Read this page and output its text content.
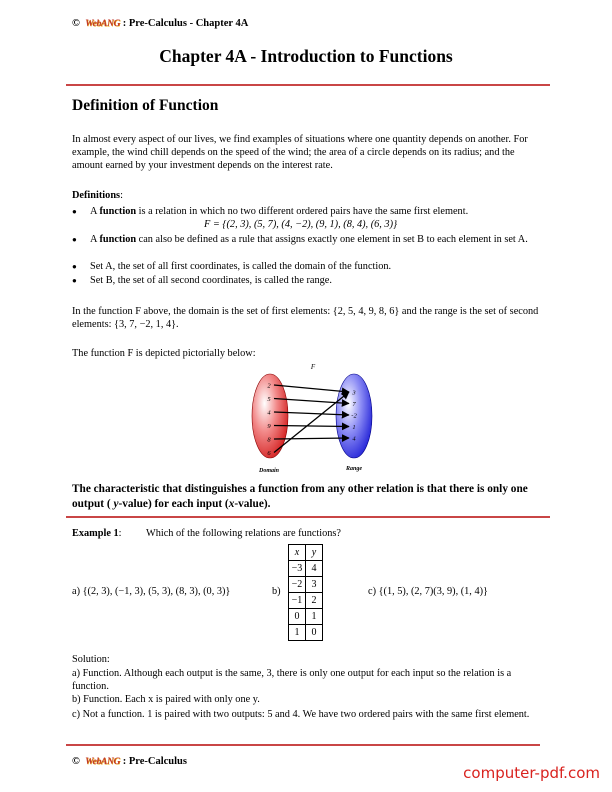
© WebANG : Pre-Calculus - Chapter 4A
Chapter 4A - Introduction to Functions
Definition of Function

In almost every aspect of our lives, we find examples of situations where one quantity depends on another. For example, the wind chill depends on the speed of the wind; the area of a circle depends on its radius; and the amount earned by your investment depends on the interest rate.

Definitions:

● A function is a relation in which no two different ordered pairs have the same first element.
F = {(2, 3), (5, 7), (4, −2), (9, 1), (8, 4), (6, 3)}
● A function can also be defined as a rule that assigns exactly one element in set B to each element in set A.
● Set A, the set of all first coordinates, is called the domain of the function.
● Set B, the set of all second coordinates, is called the range.

In the function F above, the domain is the set of first elements: {2, 5, 4, 9, 8, 6} and the range is the set of second elements: {3, 7, −2, 1, 4}.

The function F is depicted pictorially below:

F
2
5
4
9
8
6
3
7
-2
1
4
Domain	Range

The characteristic that distinguishes a function from any other relation is that there is only one output ( y-value) for each input (x-value).

Example 1: Which of the following relations are functions?
a) {(2, 3), (−1, 3), (5, 3), (8, 3), (0, 3)}	b)	c) {(1, 5), (2, 7)(3, 9), (1, 4)}
x	y
−3	4
−2	3
−1	2
0	1
1	0

Solution:

a) Function. Although each output is the same, 3, there is only one output for each input so the relation is a function.

b) Function. Each x is paired with only one y.

c) Not a function. 1 is paired with two outputs: 5 and 4. We have two ordered pairs with the same first element.

© WebANG : Pre-Calculus
computer-pdf.com
